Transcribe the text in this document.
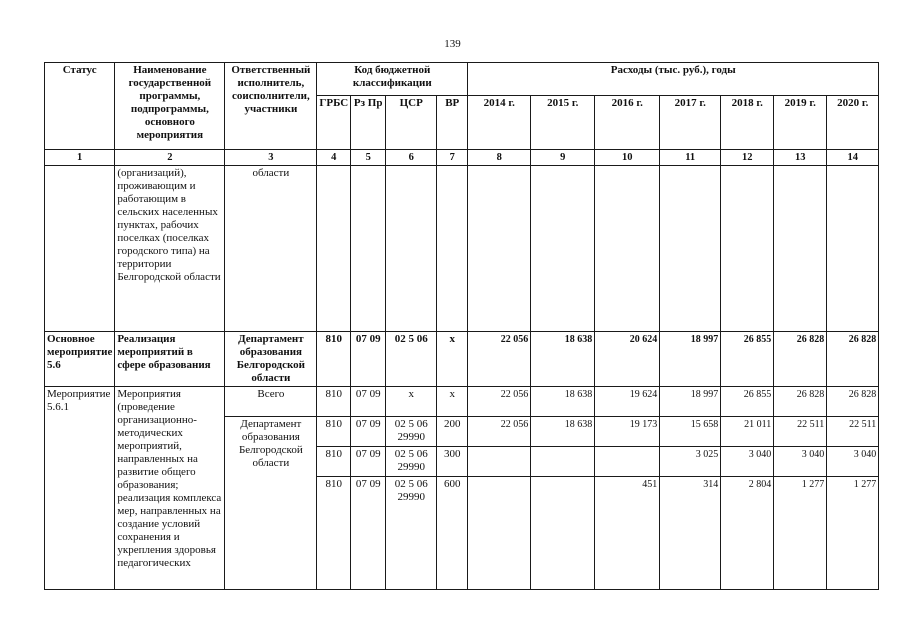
139
Статус	Наименование государственной программы, подпрограммы, основного мероприятия	Ответственный исполнитель, соисполнители, участники	Код бюджетной классификации				Расходы (тыс. руб.), годы						
			ГРБС	Рз Пр	ЦСР	ВР	2014 г.	2015 г.	2016 г.	2017 г.	2018 г.	2019 г.	2020 г.
1	2	3	4	5	6	7	8	9	10	11	12	13	14
	(организаций), проживающим и работающим в сельских населенных пунктах, рабочих поселках (поселках городского типа) на территории Белгородской области	области											
Основное мероприятие 5.6	Реализация мероприятий в сфере образования	Департамент образования Белгородской области	810	07 09	02 5 06	х	22 056	18 638	20 624	18 997	26 855	26 828	26 828
Мероприятие 5.6.1	Мероприятия (проведение организационно-методических мероприятий, направленных на развитие общего образования; реализация комплекса мер, направленных на создание условий сохранения и укрепления здоровья педагогических	Всего	810	07 09	х	х	22 056	18 638	19 624	18 997	26 855	26 828	26 828
		Департамент образования Белгородской области	810	07 09	02 5 06 29990	200	22 056	18 638	19 173	15 658	21 011	22 511	22 511
			810	07 09	02 5 06 29990	300				3 025	3 040	3 040	3 040
			810	07 09	02 5 06 29990	600			451	314	2 804	1 277	1 277
